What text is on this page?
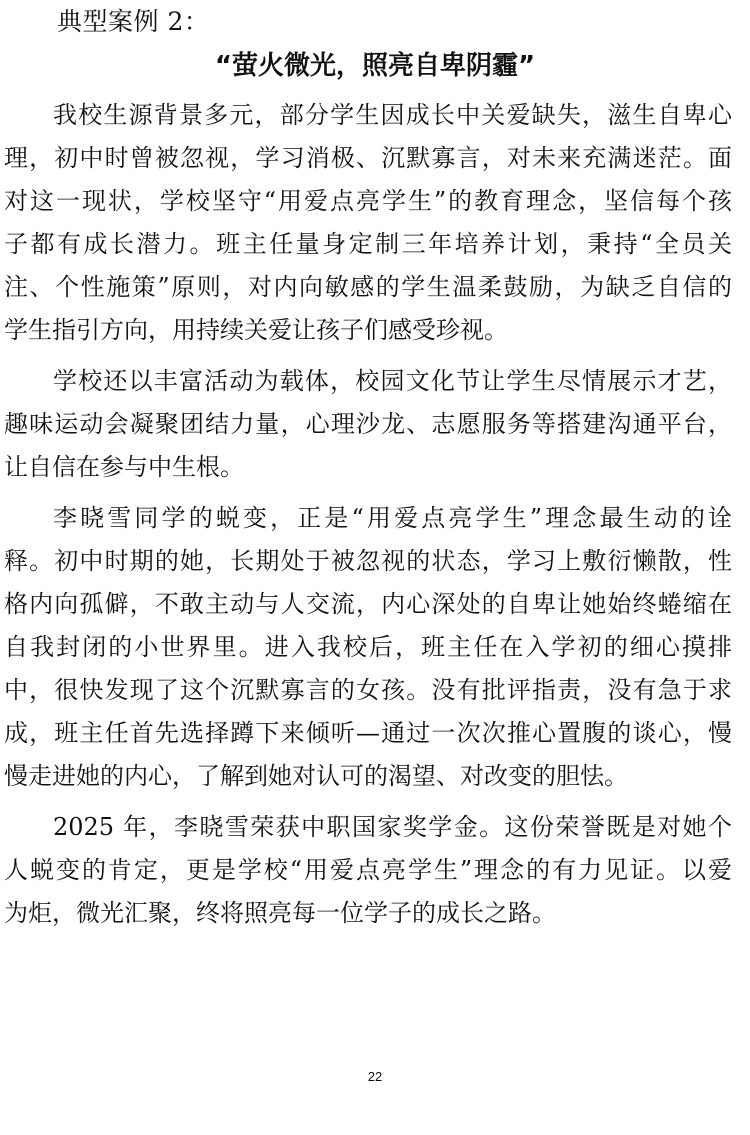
典型案例 2：
“萤火微光，照亮自卑阴霾”

我校生源背景多元，部分学生因成长中关爱缺失，滋生自卑心
理，初中时曾被忽视，学习消极、沉默寡言，对未来充满迷茫。面
对这一现状，学校坚守“用爱点亮学生”的教育理念，坚信每个孩
子都有成长潜力。班主任量身定制三年培养计划，秉持“全员关
注、个性施策”原则，对内向敏感的学生温柔鼓励，为缺乏自信的
学生指引方向，用持续关爱让孩子们感受珍视。

学校还以丰富活动为载体，校园文化节让学生尽情展示才艺，
趣味运动会凝聚团结力量，心理沙龙、志愿服务等搭建沟通平台，
让自信在参与中生根。

李晓雪同学的蜕变，正是“用爱点亮学生”理念最生动的诠
释。初中时期的她，长期处于被忽视的状态，学习上敷衍懒散，性
格内向孤僻，不敢主动与人交流，内心深处的自卑让她始终蜷缩在
自我封闭的小世界里。进入我校后，班主任在入学初的细心摸排
中，很快发现了这个沉默寡言的女孩。没有批评指责，没有急于求
成，班主任首先选择蹲下来倾听—通过一次次推心置腹的谈心，慢
慢走进她的内心，了解到她对认可的渴望、对改变的胆怯。

2025 年，李晓雪荣获中职国家奖学金。这份荣誉既是对她个
人蜕变的肯定，更是学校“用爱点亮学生”理念的有力见证。以爱
为炬，微光汇聚，终将照亮每一位学子的成长之路。

22
